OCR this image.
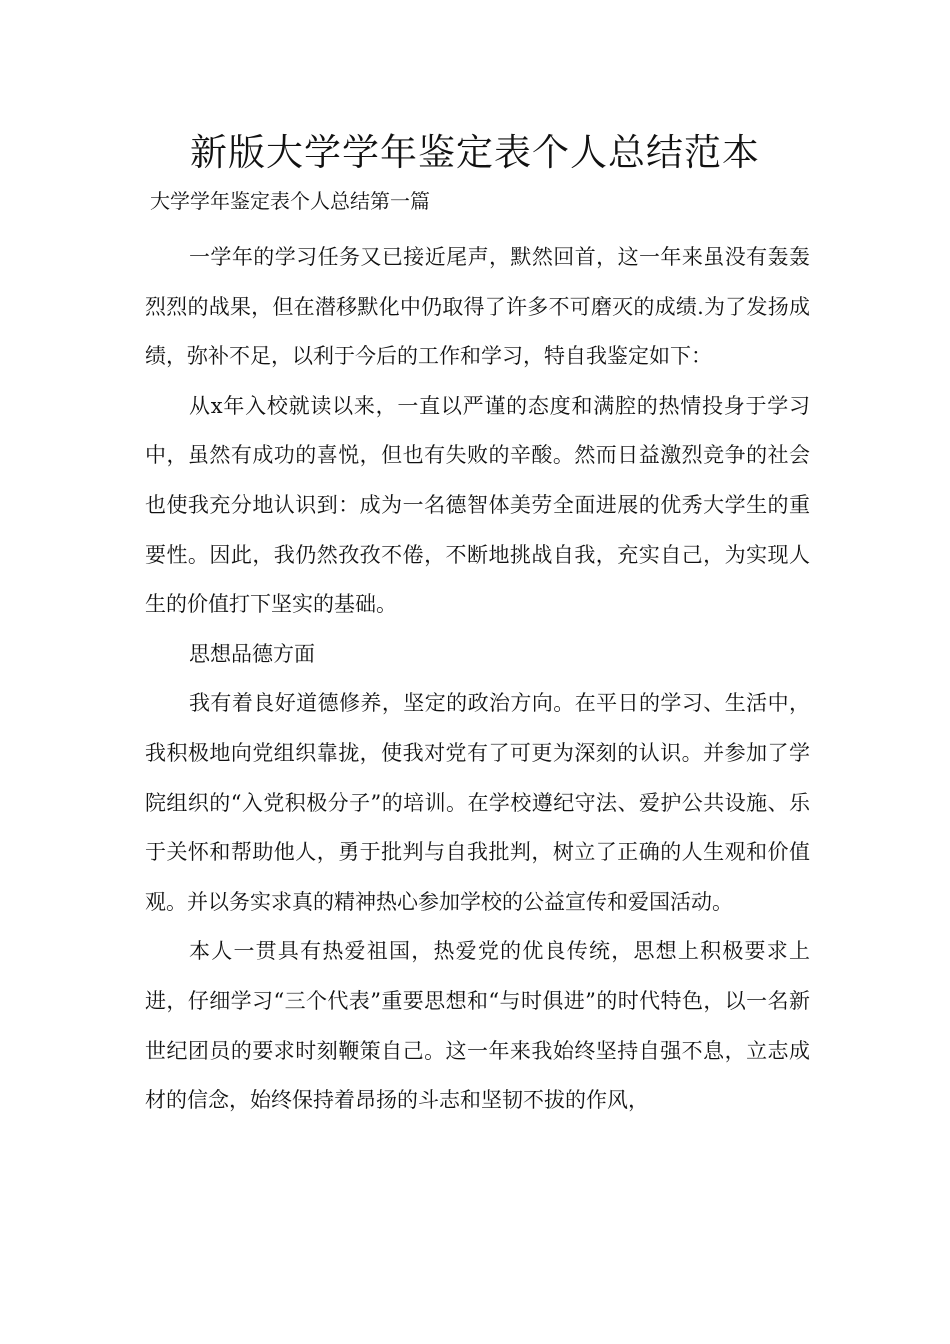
新版大学学年鉴定表个人总结范本

大学学年鉴定表个人总结第一篇

一学年的学习任务又已接近尾声，默然回首，这一年来虽没有轰轰烈烈的战果，但在潜移默化中仍取得了许多不可磨灭的成绩.为了发扬成绩，弥补不足，以利于今后的工作和学习，特自我鉴定如下：

从x年入校就读以来，一直以严谨的态度和满腔的热情投身于学习中，虽然有成功的喜悦，但也有失败的辛酸。然而日益激烈竞争的社会也使我充分地认识到：成为一名德智体美劳全面进展的优秀大学生的重要性。因此，我仍然孜孜不倦，不断地挑战自我，充实自己，为实现人生的价值打下坚实的基础。

思想品德方面

我有着良好道德修养，坚定的政治方向。在平日的学习、生活中，我积极地向党组织靠拢，使我对党有了可更为深刻的认识。并参加了学院组织的“入党积极分子”的培训。在学校遵纪守法、爱护公共设施、乐于关怀和帮助他人，勇于批判与自我批判，树立了正确的人生观和价值观。并以务实求真的精神热心参加学校的公益宣传和爱国活动。

本人一贯具有热爱祖国，热爱党的优良传统，思想上积极要求上进，仔细学习“三个代表”重要思想和“与时俱进”的时代特色，以一名新世纪团员的要求时刻鞭策自己。这一年来我始终坚持自强不息，立志成材的信念，始终保持着昂扬的斗志和坚韧不拔的作风，
